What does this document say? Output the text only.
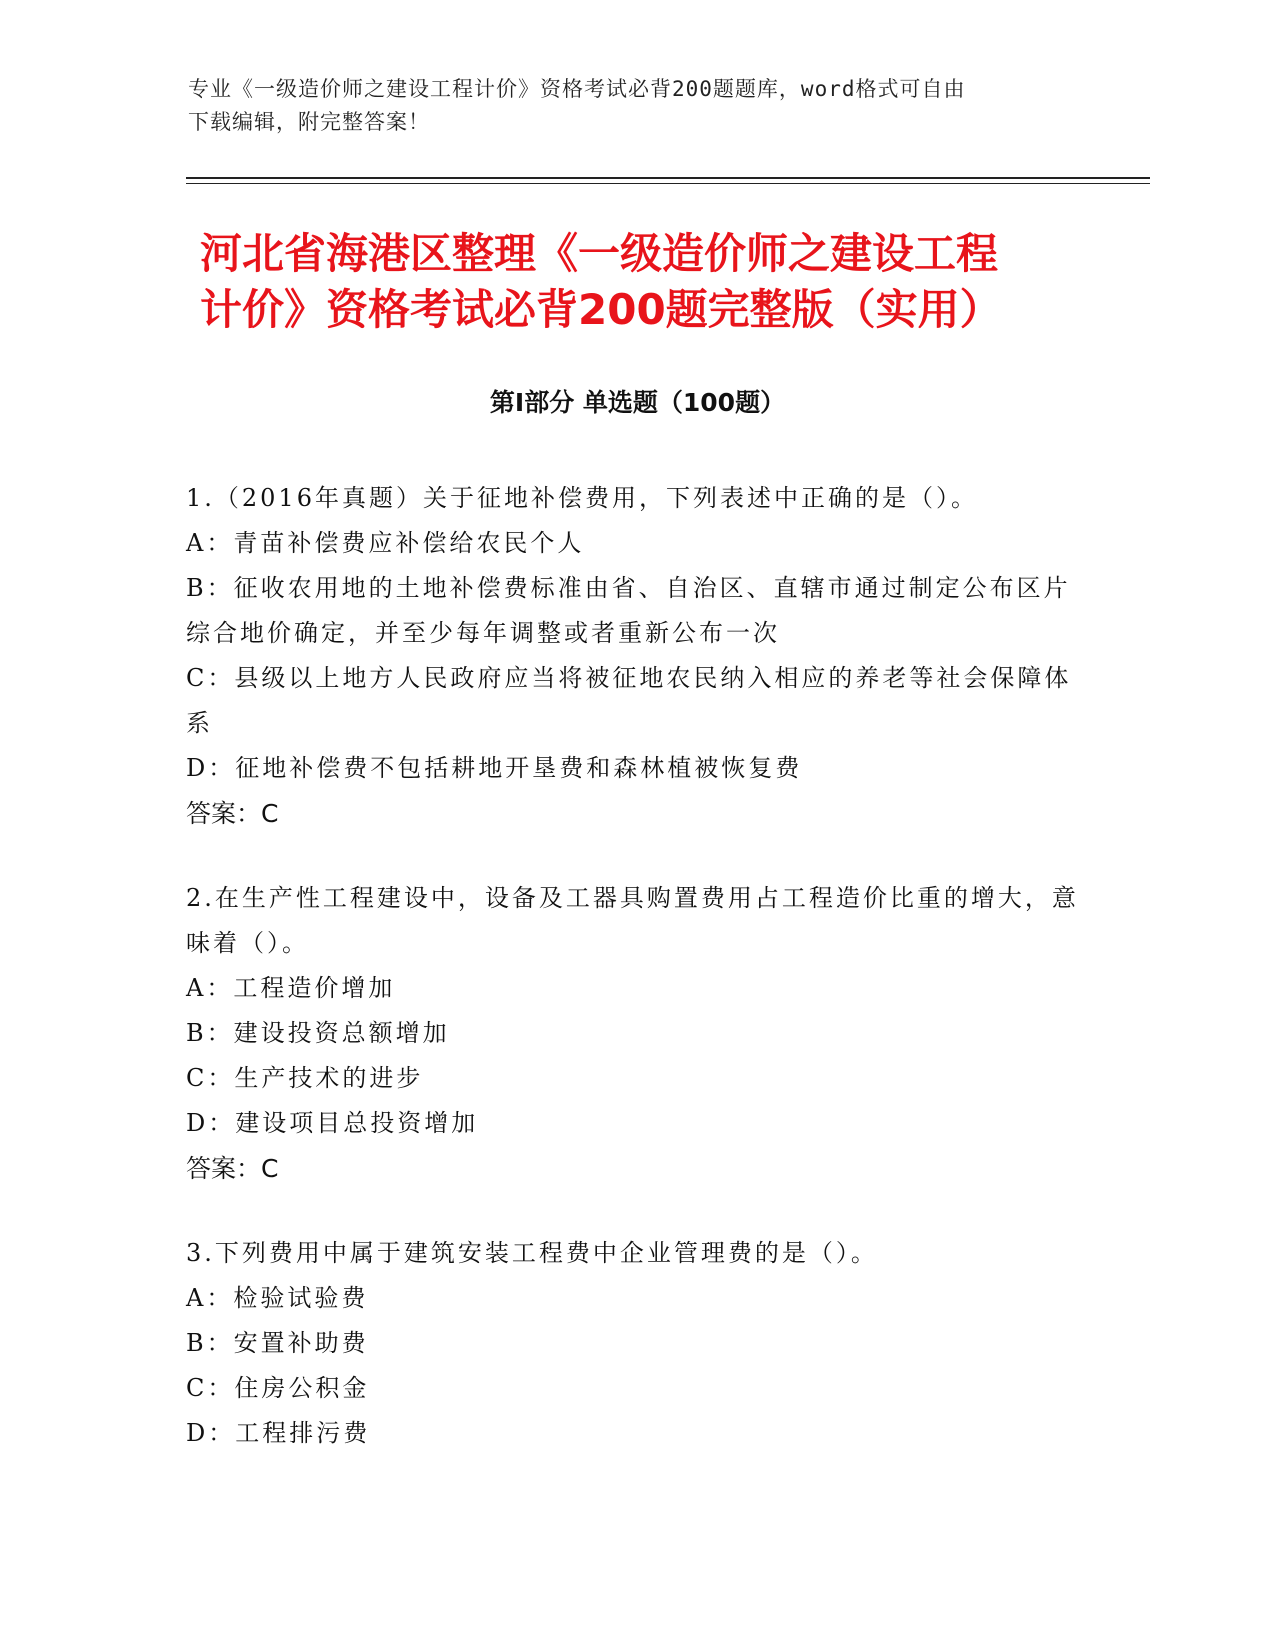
专业《一级造价师之建设工程计价》资格考试必背200题题库，word格式可自由
下载编辑，附完整答案！
河北省海港区整理《一级造价师之建设工程
计价》资格考试必背200题完整版（实用）
第Ⅰ部分 单选题（100题）

1.（2016年真题）关于征地补偿费用，下列表述中正确的是（）。

A：青苗补偿费应补偿给农民个人

B：征收农用地的土地补偿费标准由省、自治区、直辖市通过制定公布区片综合地价确定，并至少每年调整或者重新公布一次

C：县级以上地方人民政府应当将被征地农民纳入相应的养老等社会保障体系

D：征地补偿费不包括耕地开垦费和森林植被恢复费

答案：C

2.在生产性工程建设中，设备及工器具购置费用占工程造价比重的增大，意味着（）。

A：工程造价增加

B：建设投资总额增加

C：生产技术的进步

D：建设项目总投资增加

答案：C

3.下列费用中属于建筑安装工程费中企业管理费的是（）。

A：检验试验费

B：安置补助费

C：住房公积金

D：工程排污费
